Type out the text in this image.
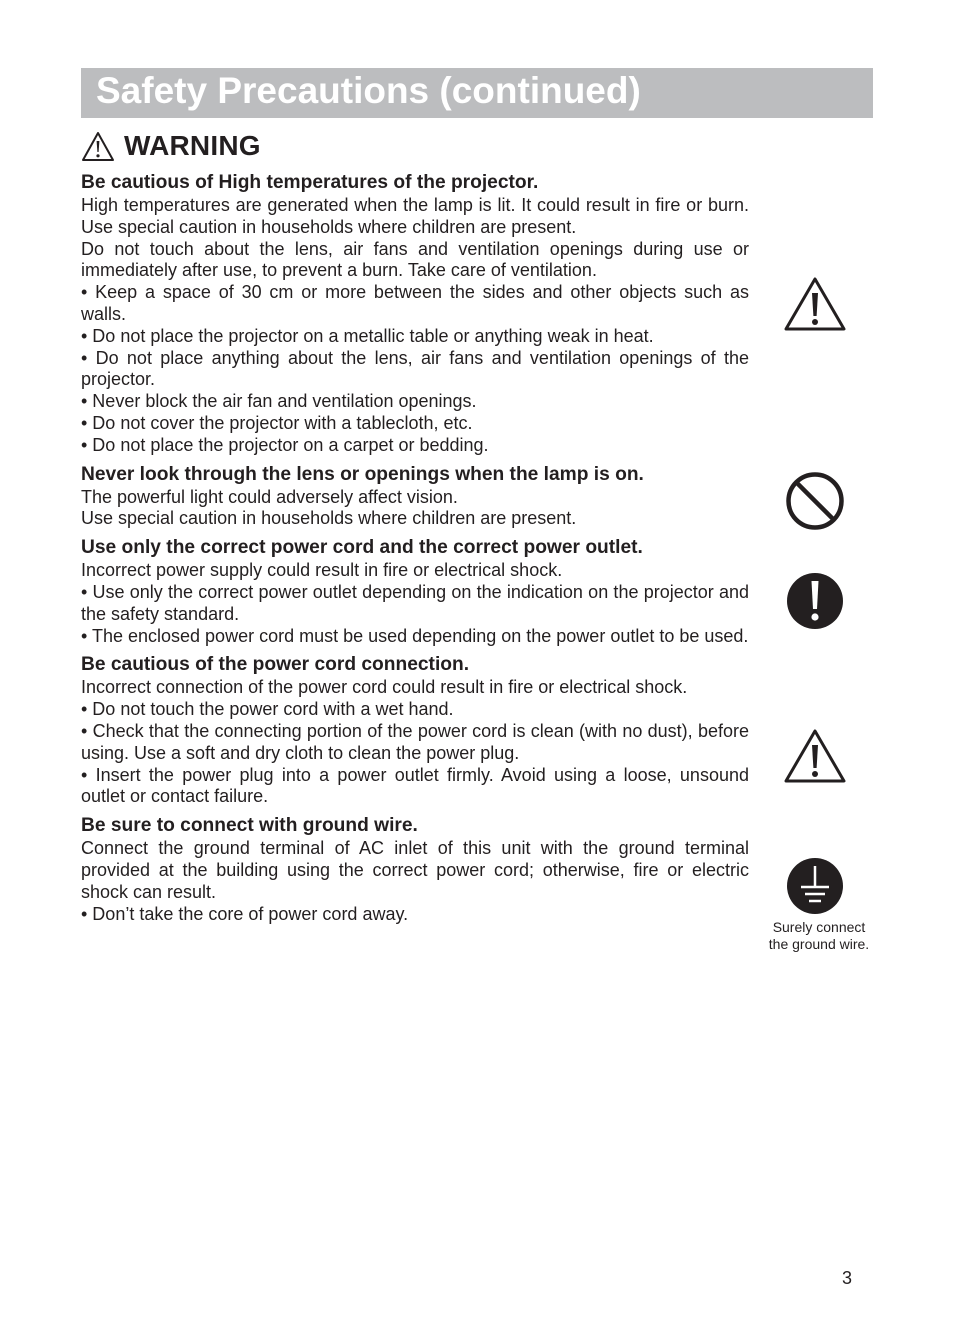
Safety Precautions (continued)
WARNING
Be cautious of High temperatures of the projector.

High temperatures are generated when the lamp is lit. It could result in fire or burn. Use special caution in households where children are present.

Do not touch about the lens, air fans and ventilation openings during use or immediately after use, to prevent a burn. Take care of ventilation.

• Keep a space of 30 cm or more between the sides and other objects such as walls.

• Do not place the projector on a metallic table or anything weak in heat.

• Do not place anything about the lens, air fans and ventilation openings of the projector.

• Never block the air fan and ventilation openings.

• Do not cover the projector with a tablecloth, etc.

• Do not place the projector on a carpet or bedding.

Never look through the lens or openings when the lamp is on.

The powerful light could adversely affect vision.

Use special caution in households where children are present.

Use only the correct power cord and the correct power outlet.

Incorrect power supply could result in fire or electrical shock.

• Use only the correct power outlet depending on the indication on the projector and the safety standard.

• The enclosed power cord must be used depending on the power outlet to be used.

Be cautious of the power cord connection.

Incorrect connection of the power cord could result in fire or electrical shock.

• Do not touch the power cord with a wet hand.

• Check that the connecting portion of the power cord is clean (with no dust), before using. Use a soft and dry cloth to clean the power plug.

• Insert the power plug into a power outlet firmly. Avoid using a loose, unsound outlet or contact failure.

Be sure to connect with ground wire.

Connect the ground terminal of AC inlet of this unit with the ground terminal provided at the building using the correct power cord; otherwise, fire or electric shock can result.

• Don’t take the core of power cord away.

Surely connect
the ground wire.
3
